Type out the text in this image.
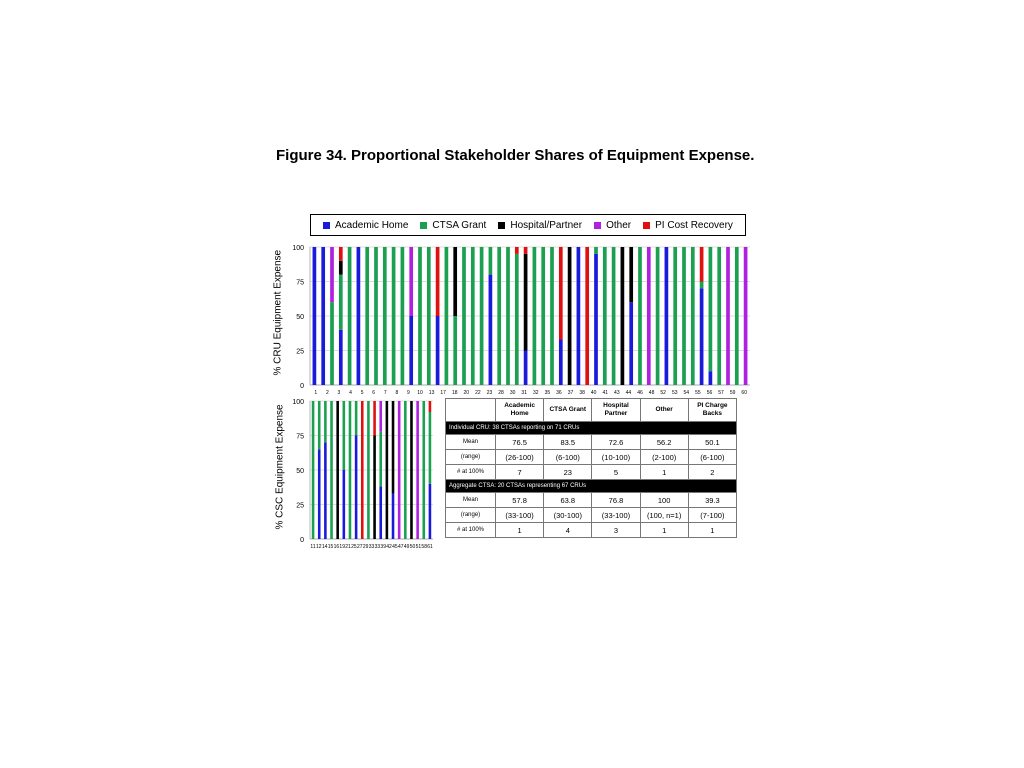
Figure 34. Proportional Stakeholder Shares of Equipment Expense.
Academic Home CTSA Grant Hospital/Partner Other PI Cost Recovery
% CRU Equipment Expense
0
25
50
75
100
1 2 3 4 5 6 7 8 9 10 13 17 18 20 22 23 28 30 31 32 35 36 37 38 40 41 43 44 46 48 52 53 54 55 56 57 59 60
% CSC Equipment Expense
0
25
50
75
100
11 12 14 15 16 19 21 25 27 29 33 33 39 42 45 47 49 50 51 58 61
	Academic Home	CTSA Grant	Hospital Partner	Other	PI Charge Backs
Individual CRU: 38 CTSAs reporting on 71 CRUs					
Mean	76.5	83.5	72.6	56.2	50.1
(range)	(26-100)	(6-100)	(10-100)	(2-100)	(6-100)
# at 100%	7	23	5	1	2
Aggregate CTSA: 20 CTSAs representing 67 CRUs					
Mean	57.8	63.8	76.8	100	39.3
(range)	(33-100)	(30-100)	(33-100)	(100, n=1)	(7-100)
# at 100%	1	4	3	1	1
